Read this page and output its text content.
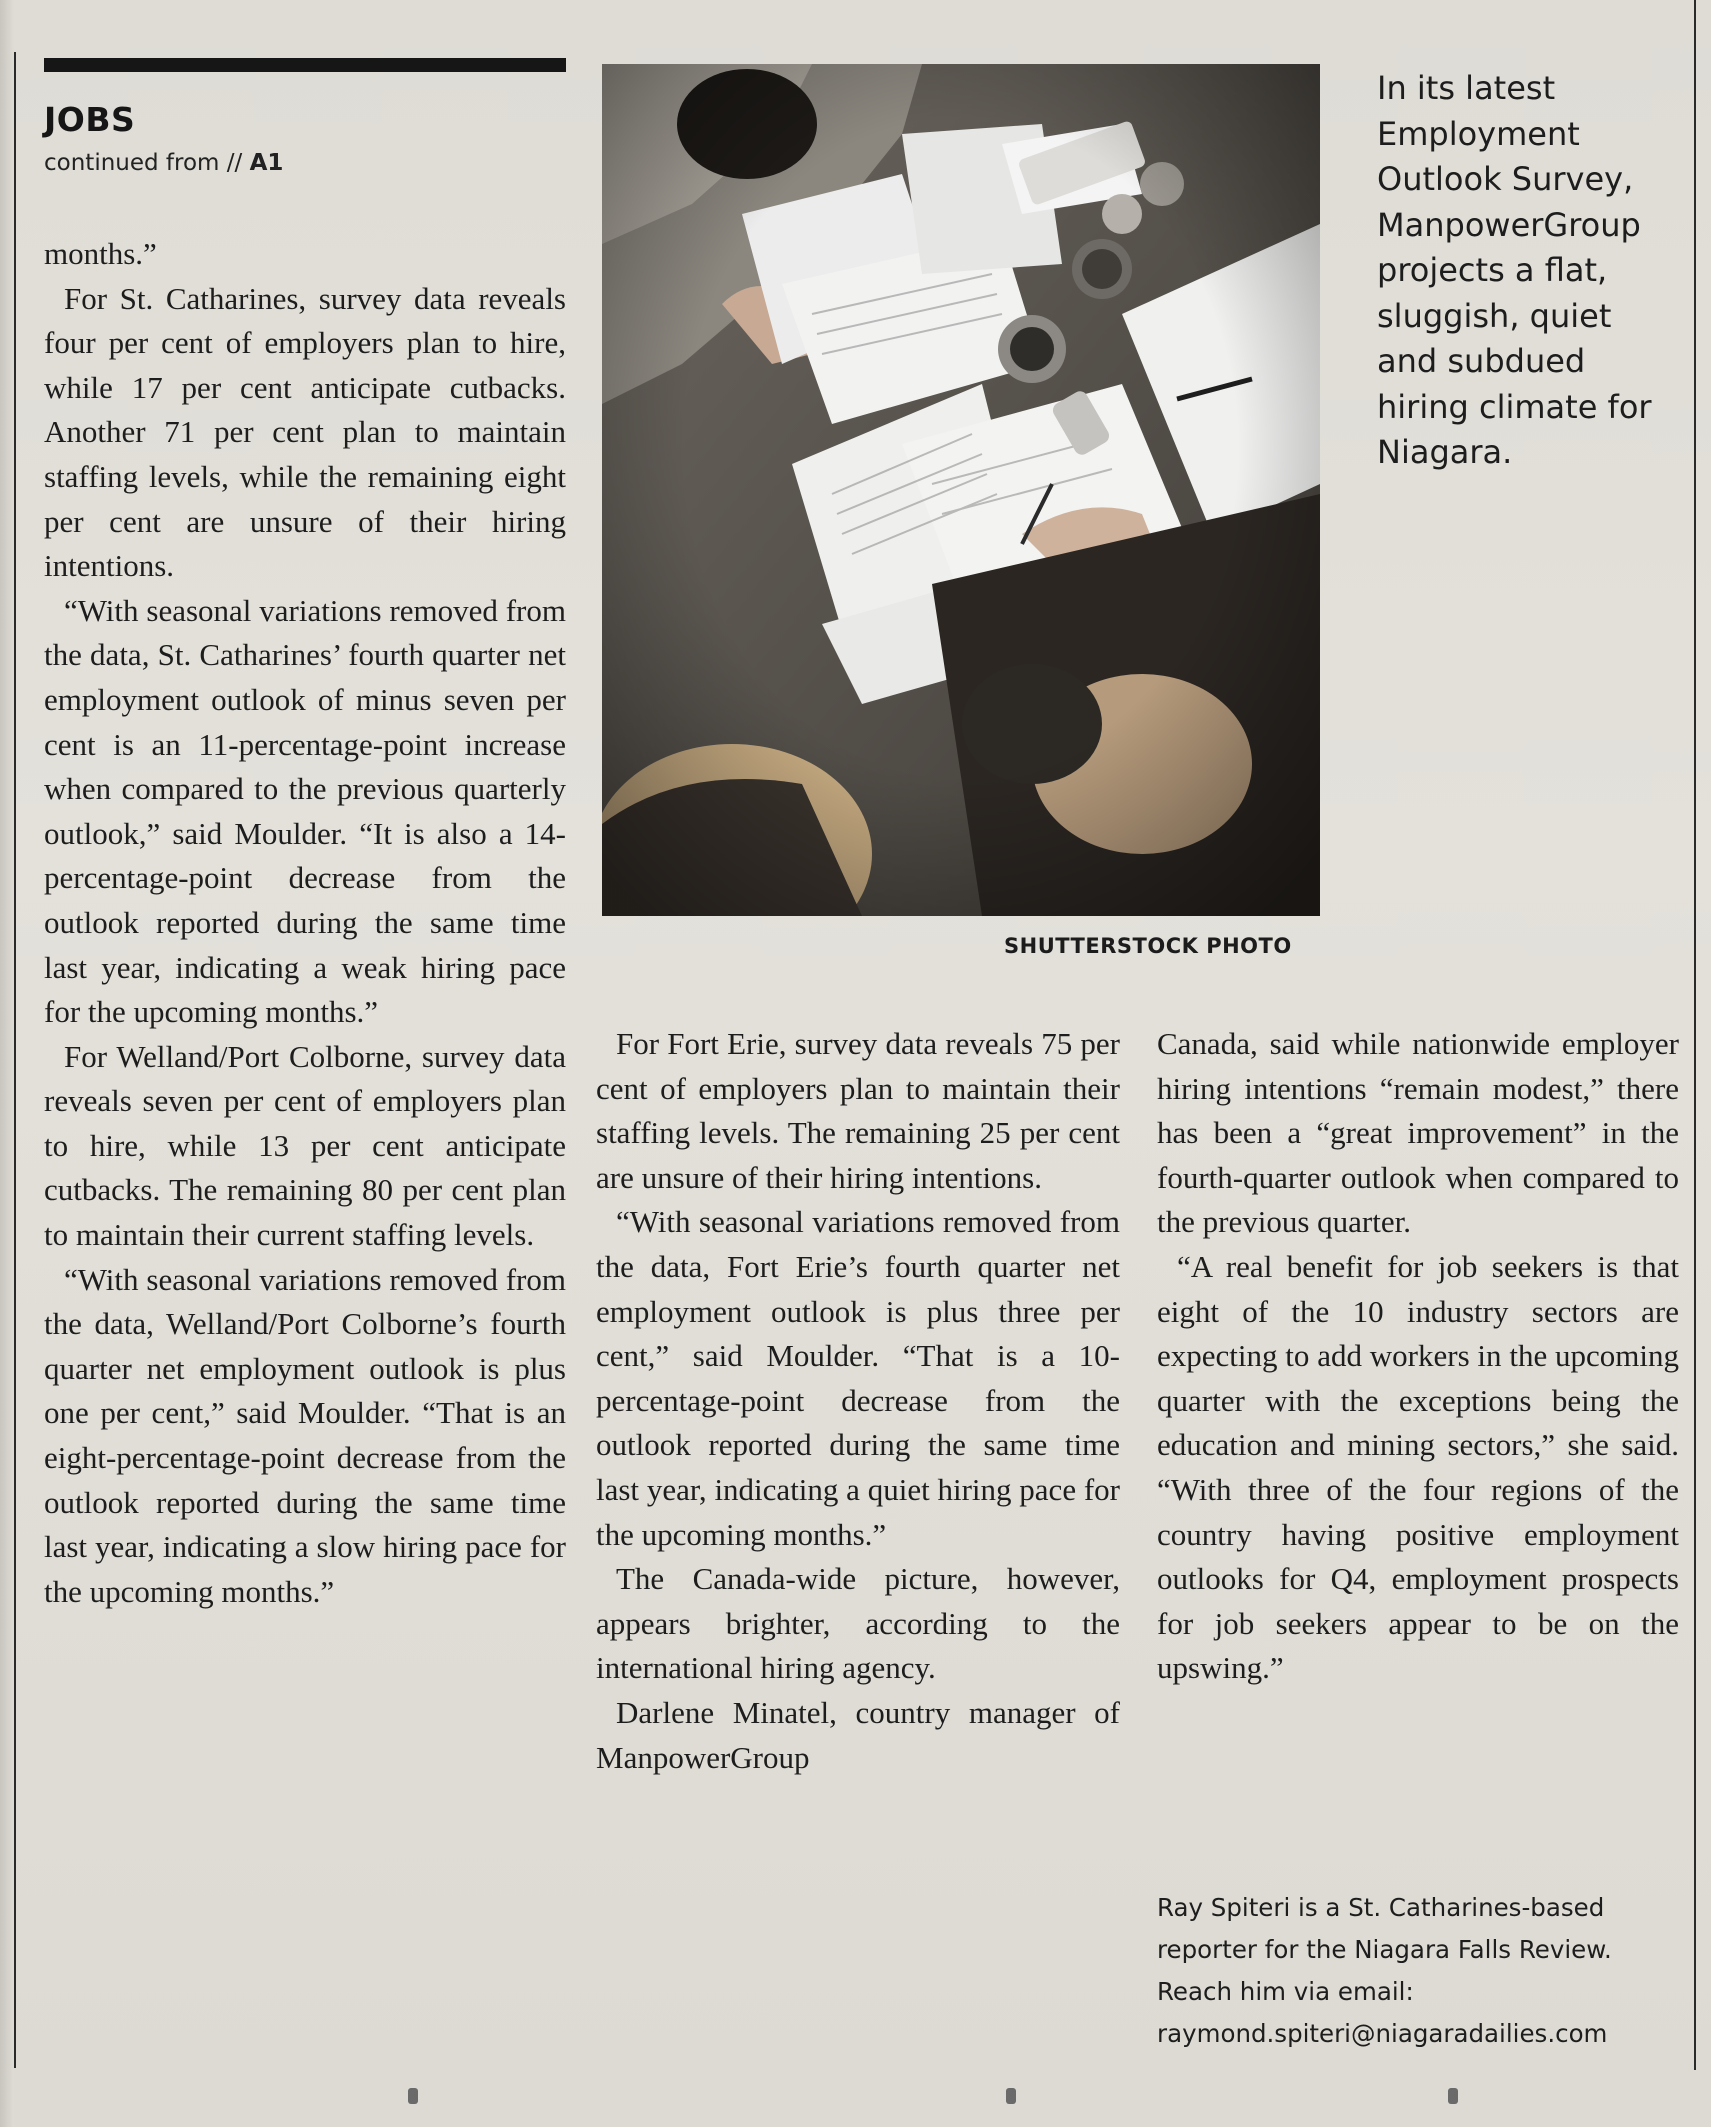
JOBS
continued from // A1

months.”

For St. Catharines, survey data reveals four per cent of employers plan to hire, while 17 per cent anticipate cutbacks. Another 71 per cent plan to maintain staffing levels, while the remaining eight per cent are unsure of their hiring intentions.

“With seasonal variations removed from the data, St. Catharines’ fourth quarter net employment outlook of minus seven per cent is an 11-percentage-point increase when compared to the previous quarterly outlook,” said Moulder. “It is also a 14-percentage-point decrease from the outlook reported during the same time last year, indicating a weak hiring pace for the upcoming months.”

For Welland/Port Colborne, survey data reveals seven per cent of employers plan to hire, while 13 per cent anticipate cutbacks. The remaining 80 per cent plan to maintain their current staffing levels.

“With seasonal variations removed from the data, Welland/Port Colborne’s fourth quarter net employment outlook is plus one per cent,” said Moulder. “That is an eight-percentage-point decrease from the outlook reported during the same time last year, indicating a slow hiring pace for the upcoming months.”

SHUTTERSTOCK PHOTO
In its latest Employment Outlook Survey, ManpowerGroup projects a flat, sluggish, quiet and subdued hiring climate for Niagara.

For Fort Erie, survey data reveals 75 per cent of employers plan to maintain their staffing levels. The remaining 25 per cent are unsure of their hiring intentions.

“With seasonal variations removed from the data, Fort Erie’s fourth quarter net employment outlook is plus three per cent,” said Moulder. “That is a 10-percentage-point decrease from the outlook reported during the same time last year, indicating a quiet hiring pace for the upcoming months.”

The Canada-wide picture, however, appears brighter, according to the international hiring agency.

Darlene Minatel, country manager of ManpowerGroup

Canada, said while nationwide employer hiring intentions “remain modest,” there has been a “great improvement” in the fourth-quarter outlook when compared to the previous quarter.

“A real benefit for job seekers is that eight of the 10 industry sectors are expecting to add workers in the upcoming quarter with the exceptions being the education and mining sectors,” she said. “With three of the four regions of the country having positive employment outlooks for Q4, employment prospects for job seekers appear to be on the upswing.”

Ray Spiteri is a St. Catharines-based reporter for the Niagara Falls Review. Reach him via email: raymond.spiteri@niagaradailies.com
